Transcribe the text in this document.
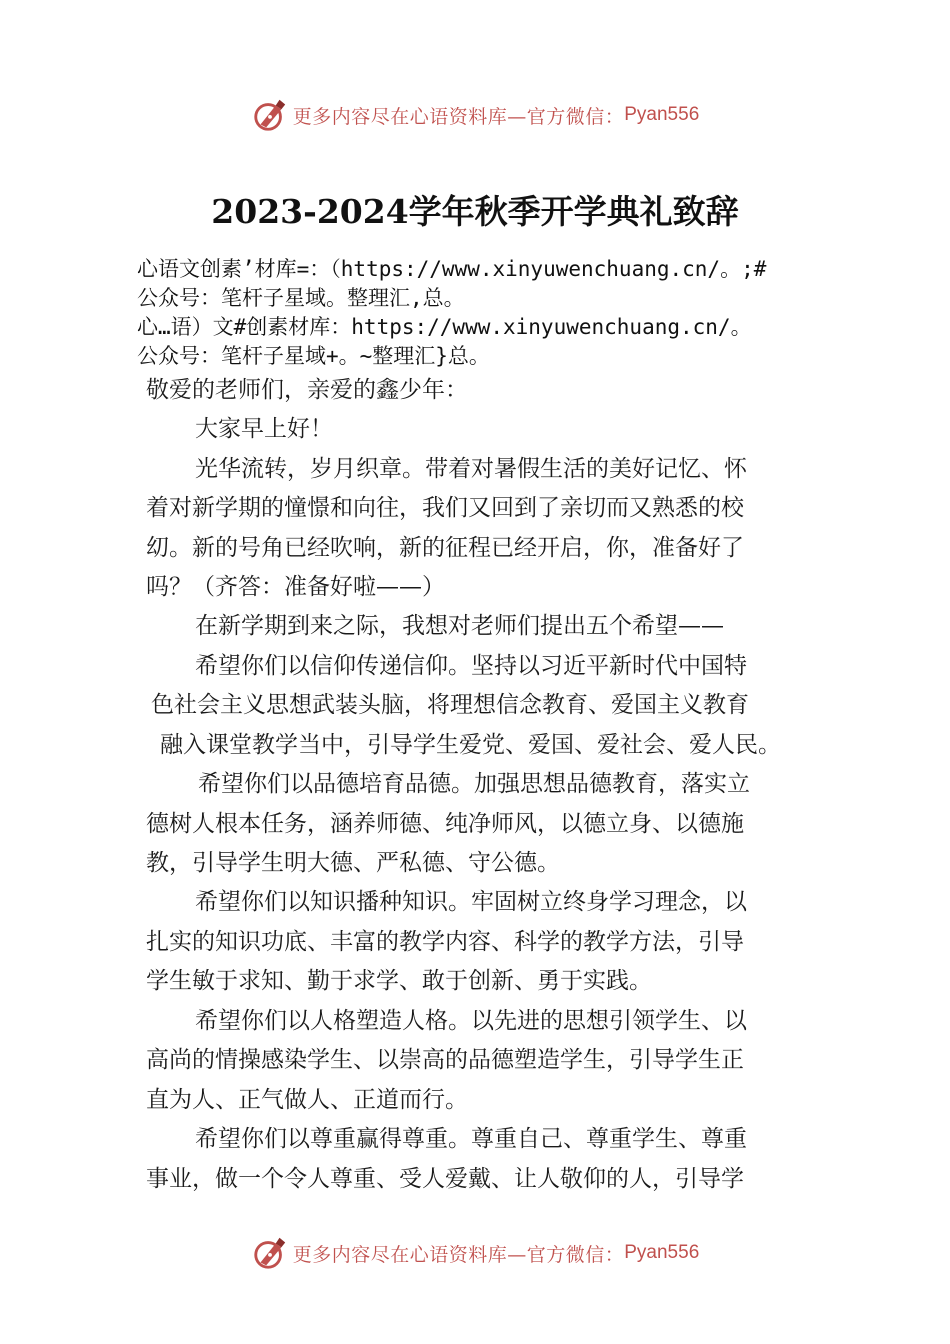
更多内容尽在心语资料库—官方微信： Pyan556
2023-2024学年秋季开学典礼致辞
心语文创素’材库=：（https://www.xinyuwenchuang.cn/。;#
公众号：笔杆子星域。整理汇,总。
心…语）文#创素材库：https://www.xinyuwenchuang.cn/。
公众号：笔杆子星域+。~整理汇}总。
敬爱的老师们，亲爱的鑫少年：
大家早上好！
光华流转，岁月织章。带着对暑假生活的美好记忆、怀
着对新学期的憧憬和向往，我们又回到了亲切而又熟悉的校
㓜。新的号角已经吹响，新的征程已经开启，你，准备好了
吗？（齐答：准备好啦——）
在新学期到来之际，我想对老师们提出五个希望——
希望你们以信仰传递信仰。坚持以习近平新时代中国特
色社会主义思想武装头脑，将理想信念教育、爱国主义教育
融入课堂教学当中，引导学生爱党、爱国、爱社会、爱人民。
希望你们以品德培育品德。加强思想品德教育，落实立
德树人根本任务，涵养师德、纯净师风，以德立身、以德施
教，引导学生明大德、严私德、守公德。
希望你们以知识播种知识。牢固树立终身学习理念，以
扎实的知识功底、丰富的教学内容、科学的教学方法，引导
学生敏于求知、勤于求学、敢于创新、勇于实践。
希望你们以人格塑造人格。以先进的思想引领学生、以
高尚的情操感染学生、以崇高的品德塑造学生，引导学生正
直为人、正气做人、正道而行。
希望你们以尊重赢得尊重。尊重自己、尊重学生、尊重
事业，做一个令人尊重、受人爱戴、让人敬仰的人，引导学
更多内容尽在心语资料库—官方微信： Pyan556
